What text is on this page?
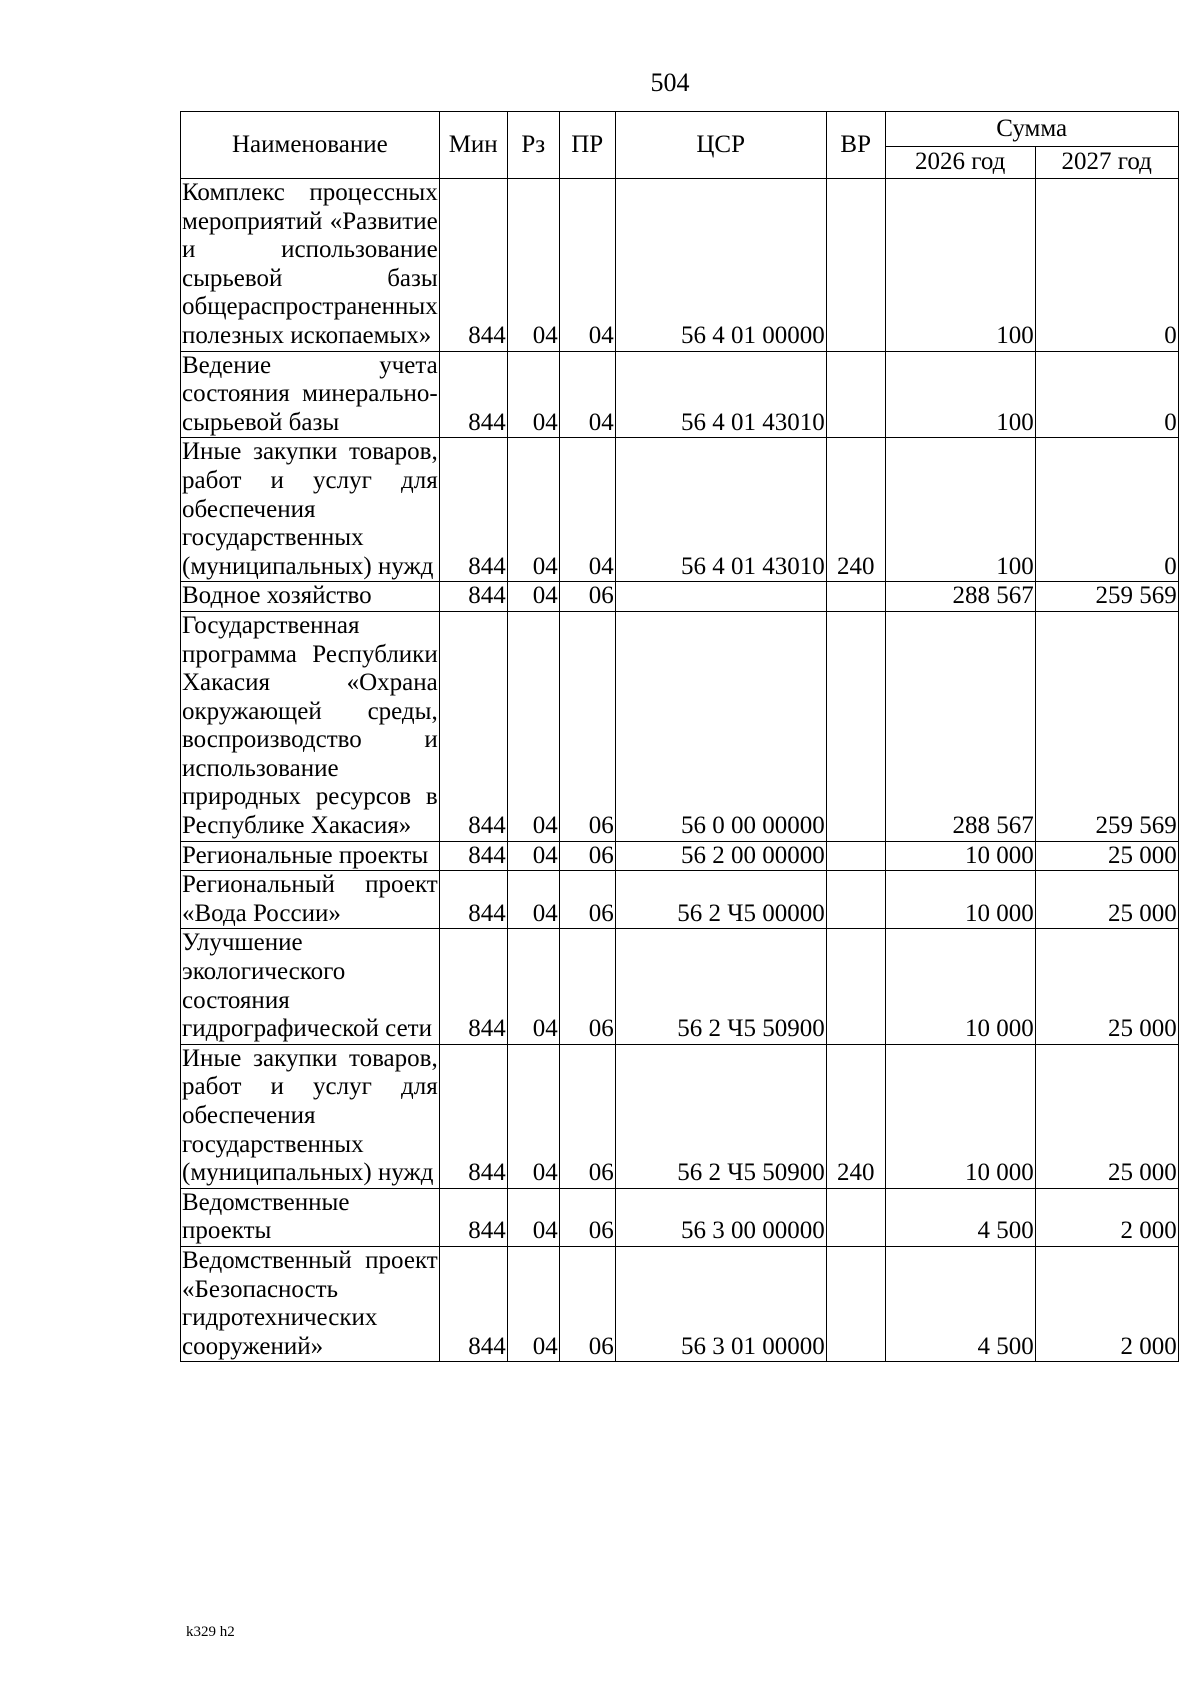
504
Наименование	Мин	Рз	ПР	ЦСР	ВР	Сумма	
						2026 год	2027 год
Комплекс процессных мероприятий «Развитие и использование сырьевой базы общераспространенных полезных ископаемых»	844	04	04	56 4 01 00000		100	0
Ведение учета состояния минерально-сырьевой базы	844	04	04	56 4 01 43010		100	0
Иные закупки товаров, работ и услуг для обеспечения государственных (муниципальных) нужд	844	04	04	56 4 01 43010	240	100	0
Водное хозяйство	844	04	06			288 567	259 569
Государственная программа Республики Хакасия «Охрана окружающей среды, воспроизводство и использование природных ресурсов в Республике Хакасия»	844	04	06	56 0 00 00000		288 567	259 569
Региональные проекты	844	04	06	56 2 00 00000		10 000	25 000
Региональный проект «Вода России»	844	04	06	56 2 Ч5 00000		10 000	25 000
Улучшение экологического состояния гидрографической сети	844	04	06	56 2 Ч5 50900		10 000	25 000
Иные закупки товаров, работ и услуг для обеспечения государственных (муниципальных) нужд	844	04	06	56 2 Ч5 50900	240	10 000	25 000
Ведомственные проекты	844	04	06	56 3 00 00000		4 500	2 000
Ведомственный проект «Безопасность гидротехнических сооружений»	844	04	06	56 3 01 00000		4 500	2 000
k329 h2
